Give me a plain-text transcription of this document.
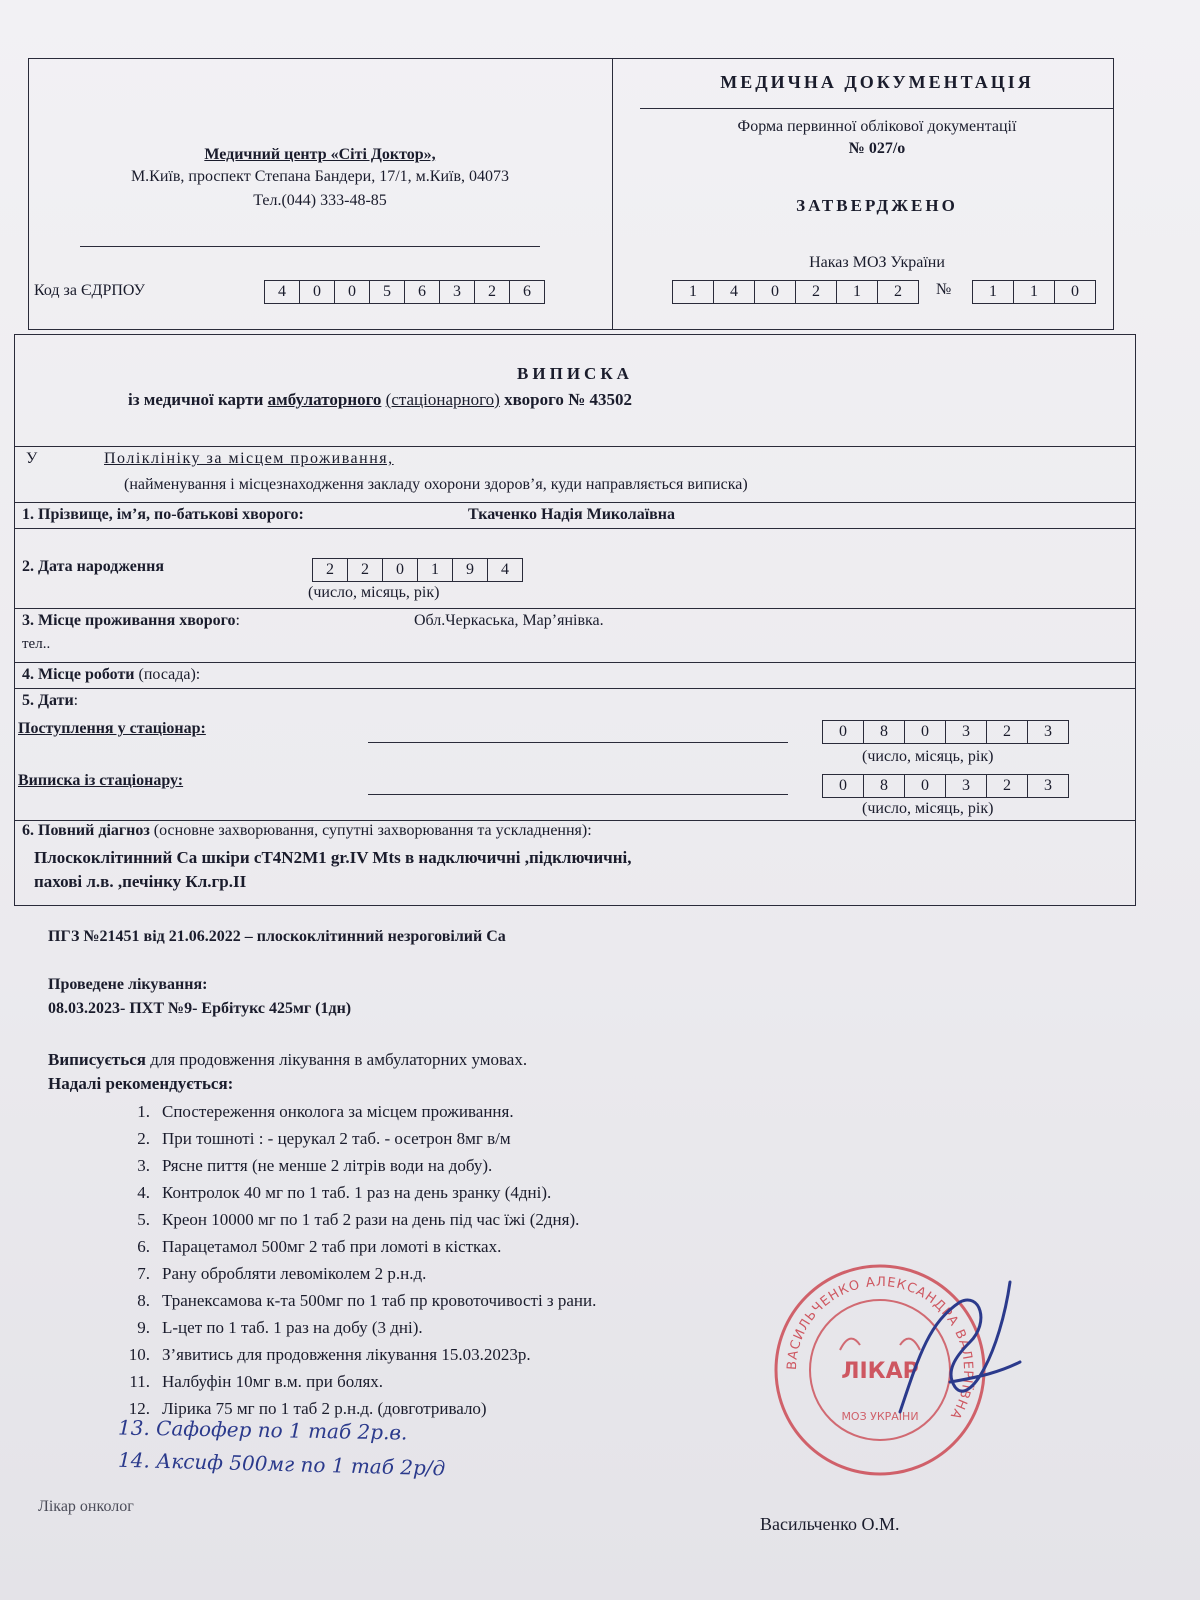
Медичний центр «Сіті Доктор»,
М.Київ, проспект Степана Бандери, 17/1, м.Київ, 04073
Тел.(044) 333-48-85
Код за ЄДРПОУ	4	0	0	5	6	3	2	6
МЕДИЧНА ДОКУМЕНТАЦІЯ
Форма первинної облікової документації
№ 027/о
ЗАТВЕРДЖЕНО
Наказ МОЗ України
1	4	0	2	1	2	№	1	1	0
ВИПИСКА
із медичної карти амбулаторного (стаціонарного) хворого № 43502
У	Поліклініку за місцем проживання,
(найменування і місцезнаходження закладу охорони здоров’я, куди направляється виписка)
1. Прізвище, ім’я, по-батькові хворого:	Ткаченко Надія Миколаївна
2. Дата народження	2	2	0	1	9	4
(число, місяць, рік)
3. Місце проживання хворого:	Обл.Черкаська, Мар’янівка.
тел..
4. Місце роботи (посада):
5. Дати:
Поступлення у стаціонар:	0	8	0	3	2	3
(число, місяць, рік)
Виписка із стаціонару:	0	8	0	3	2	3
(число, місяць, рік)
6. Повний діагноз (основне захворювання, супутні захворювання та ускладнення):
Плоскоклітинний Са шкіри сТ4N2M1 gr.IV Mts в надключичні ,підключичні,
пахові л.в. ,печінку Кл.гр.II
ПГЗ №21451 від 21.06.2022 – плоскоклітинний незроговілий Са
Проведене лікування:
08.03.2023- ПХТ №9- Ербітукс 425мг (1дн)
Виписується для продовження лікування в амбулаторних умовах.
Надалі рекомендується:
1. Спостереження онколога за місцем проживання.
2. При тошноті : - церукал 2 таб. - осетрон 8мг в/м
3. Рясне пиття (не менше 2 літрів води на добу).
4. Контролок 40 мг по 1 таб. 1 раз на день зранку (4дні).
5. Креон 10000 мг по 1 таб 2 рази на день під час їжі (2дня).
6. Парацетамол 500мг 2 таб при ломоті в кістках.
7. Рану обробляти левоміколем 2 р.н.д.
8. Транексамова к-та 500мг по 1 таб пр кровоточивості з рани.
9. L-цет по 1 таб. 1 раз на добу (3 дні).
10. З’явитись для продовження лікування 15.03.2023р.
11. Налбуфін 10мг в.м. при болях.
12. Лірика 75 мг по 1 таб 2 р.н.д. (довготривало)
13. Сафофер по 1 таб 2р.в.
14. Аксиф 500мг по 1 таб 2р/д
Лікар онколог
Васильченко О.М.
ВАСИЛЬЧЕНКО АЛЕКСАНДРА ВАЛЕРІЇВНА
ЛІКАР
МОЗ УКРАЇНИ
